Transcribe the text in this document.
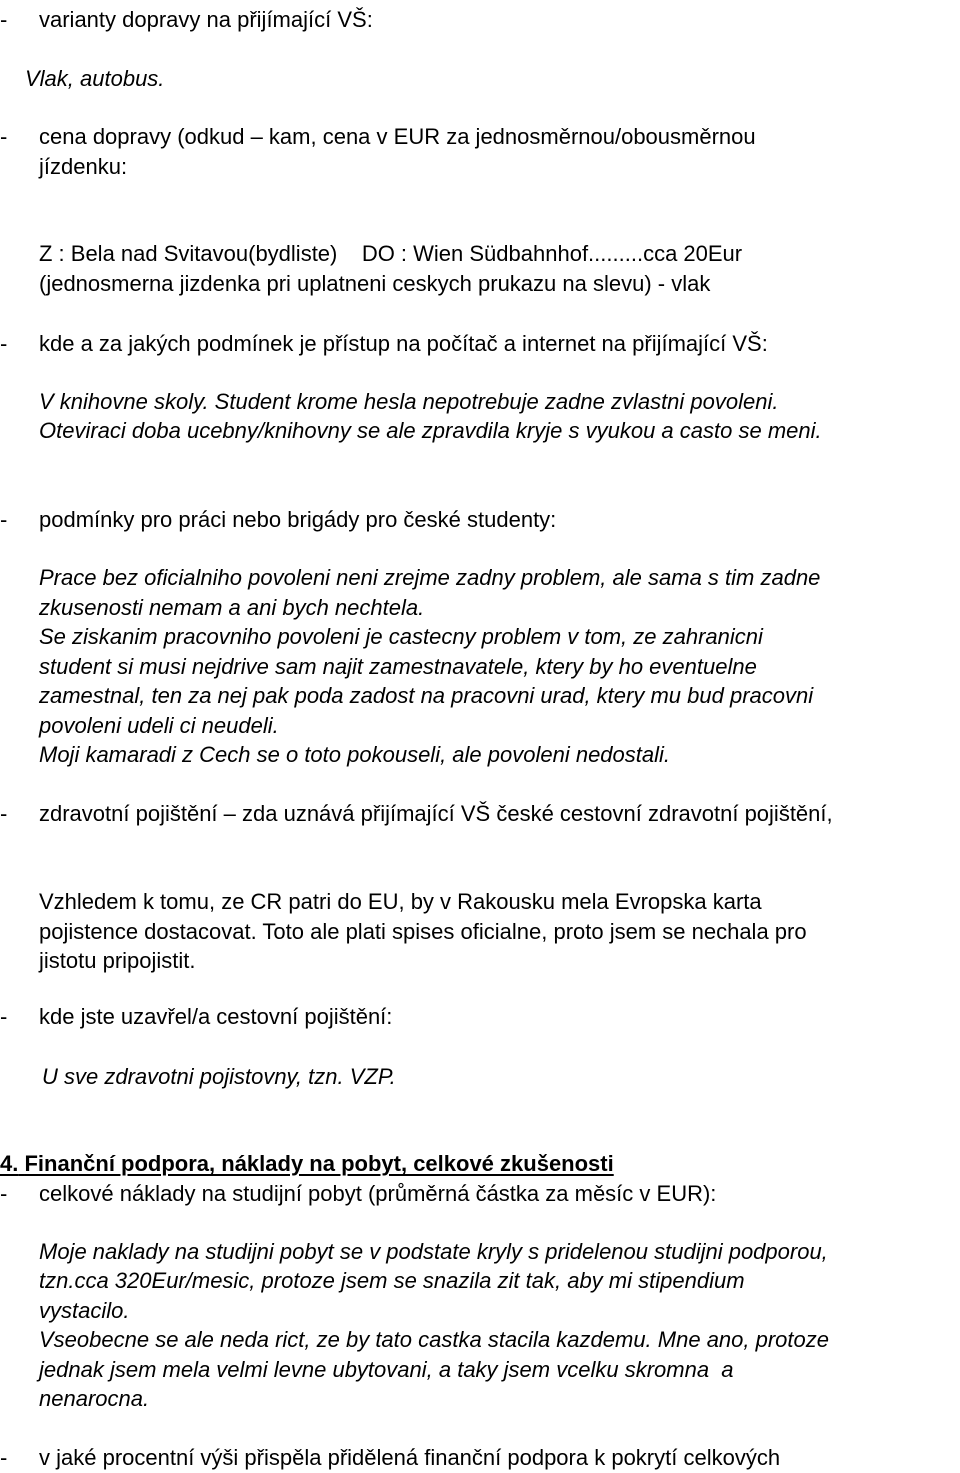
- varianty dopravy na přijímající VŠ:

Vlak, autobus.

- cena dopravy (odkud – kam, cena v EUR za jednosměrnou/obousměrnou

jízdenku:

Z : Bela nad Svitavou(bydliste)    DO : Wien Südbahnhof.........cca 20Eur

(jednosmerna jizdenka pri uplatneni ceskych prukazu na slevu) - vlak

- kde a za jakých podmínek je přístup na počítač a internet na přijímající VŠ:

V knihovne skoly. Student krome hesla nepotrebuje zadne zvlastni povoleni.

Oteviraci doba ucebny/knihovny se ale zpravdila kryje s vyukou a casto se meni.

- podmínky pro práci nebo brigády pro české studenty:

Prace bez oficialniho povoleni neni zrejme zadny problem, ale sama s tim zadne

zkusenosti nemam a ani bych nechtela.

Se ziskanim pracovniho povoleni je castecny problem v tom, ze zahranicni

student si musi nejdrive sam najit zamestnavatele, ktery by ho eventuelne

zamestnal, ten za nej pak poda zadost na pracovni urad, ktery mu bud pracovni

povoleni udeli ci neudeli.

Moji kamaradi z Cech se o toto pokouseli, ale povoleni nedostali.

- zdravotní pojištění – zda uznává přijímající VŠ české cestovní zdravotní pojištění,

Vzhledem k tomu, ze CR patri do EU, by v Rakousku mela Evropska karta

pojistence dostacovat. Toto ale plati spises oficialne, proto jsem se nechala pro

jistotu pripojistit.

- kde jste uzavřel/a cestovní pojištění:

U sve zdravotni pojistovny, tzn. VZP.

4. Finanční podpora, náklady na pobyt, celkové zkušenosti
- celkové náklady na studijní pobyt (průměrná částka za měsíc v EUR):

Moje naklady na studijni pobyt se v podstate kryly s pridelenou studijni podporou,

tzn.cca 320Eur/mesic, protoze jsem se snazila zit tak, aby mi stipendium

vystacilo.

Vseobecne se ale neda rict, ze by tato castka stacila kazdemu. Mne ano, protoze

jednak jsem mela velmi levne ubytovani, a taky jsem vcelku skromna  a

nenarocna.

- v jaké procentní výši přispěla přidělená finanční podpora k pokrytí celkových
